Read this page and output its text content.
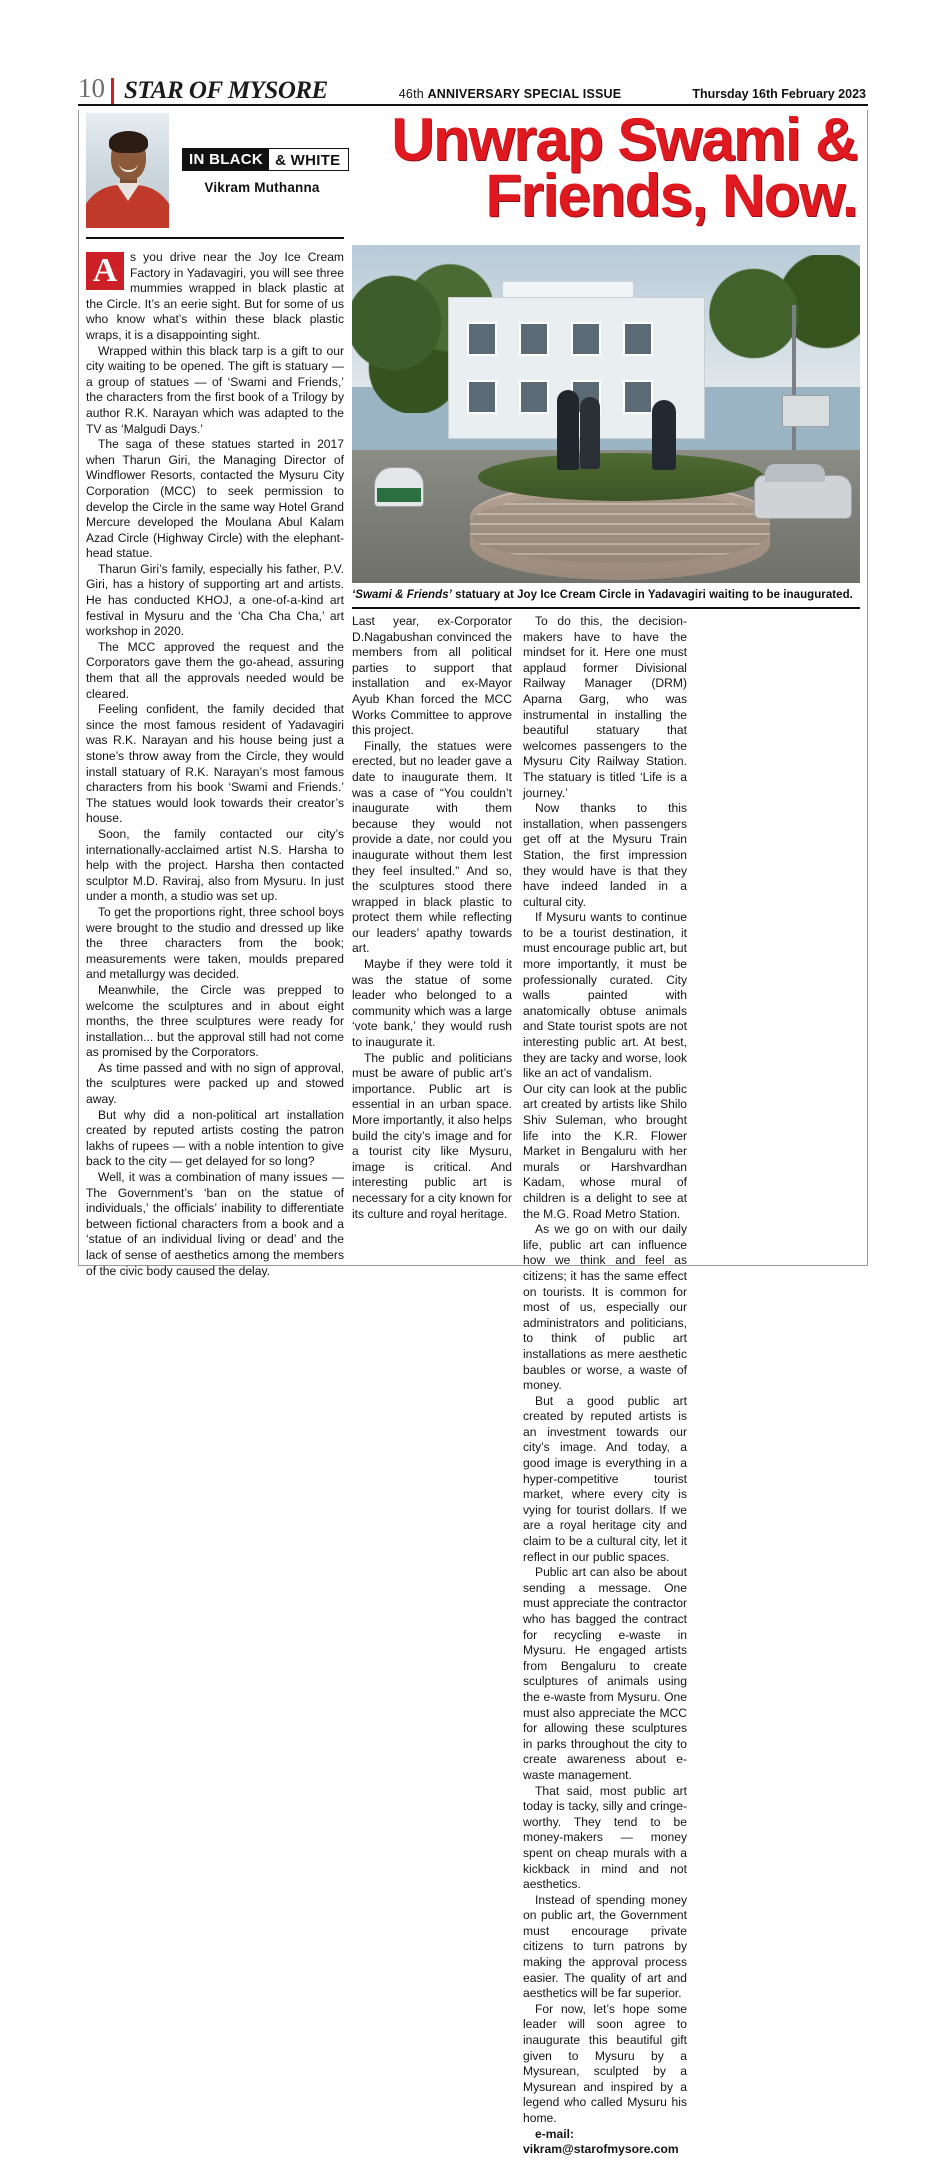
10 STAR OF MYSORE	46th ANNIVERSARY SPECIAL ISSUE	Thursday 16th February 2023
IN BLACK & WHITE
Vikram Muthanna
Unwrap Swami &
Friends, Now.
‘Swami & Friends’ statuary at Joy Ice Cream Circle in Yadavagiri waiting to be inaugurated.

A	s you drive near the Joy Ice Cream Factory in Yadavagiri, you will see three mummies wrapped in black plastic at the Circle. It’s an eerie sight. But for some of us who know what’s within these black plastic wraps, it is a disappointing sight.

Wrapped within this black tarp is a gift to our city waiting to be opened. The gift is statuary — a group of statues — of ‘Swami and Friends,’ the characters from the first book of a Trilogy by author R.K. Narayan which was adapted to the TV as ‘Malgudi Days.’

The saga of these statues started in 2017 when Tharun Giri, the Managing Director of Windflower Resorts, contacted the Mysuru City Corporation (MCC) to seek permission to develop the Circle in the same way Hotel Grand Mercure developed the Moulana Abul Kalam Azad Circle (Highway Circle) with the elephant-head statue.

Tharun Giri’s family, especially his father, P.V. Giri, has a history of supporting art and artists. He has conducted KHOJ, a one-of-a-kind art festival in Mysuru and the ‘Cha Cha Cha,’ art workshop in 2020.

The MCC approved the request and the Corporators gave them the go-ahead, assuring them that all the approvals needed would be cleared.

Feeling confident, the family decided that since the most famous resident of Yadavagiri was R.K. Narayan and his house being just a stone’s throw away from the Circle, they would install statuary of R.K. Narayan’s most famous characters from his book ‘Swami and Friends.’ The statues would look towards their creator’s house.

Soon, the family contacted our city’s internationally-acclaimed artist N.S. Harsha to help with the project. Harsha then contacted sculptor M.D. Raviraj, also from Mysuru. In just under a month, a studio was set up.

To get the proportions right, three school boys were brought to the studio and dressed up like the three characters from the book; measurements were taken, moulds prepared and metallurgy was decided.

Meanwhile, the Circle was prepped to welcome the sculptures and in about eight months, the three sculptures were ready for installation... but the approval still had not come as promised by the Corporators.

As time passed and with no sign of approval, the sculptures were packed up and stowed away.

But why did a non-political art installation created by reputed artists costing the patron lakhs of rupees — with a noble intention to give back to the city — get delayed for so long?

Well, it was a combination of many issues — The Government’s ‘ban on the statue of individuals,’ the officials’ inability to differentiate between fictional characters from a book and a ‘statue of an individual living or dead’ and the lack of sense of aesthetics among the members of the civic body caused the delay.

Last year, ex-Corporator D.Nagabushan convinced the members from all political parties to support that installation and ex-Mayor Ayub Khan forced the MCC Works Committee to approve this project.

Finally, the statues were erected, but no leader gave a date to inaugurate them. It was a case of “You couldn’t inaugurate with them because they would not provide a date, nor could you inaugurate without them lest they feel insulted.” And so, the sculptures stood there wrapped in black plastic to protect them while reflecting our leaders’ apathy towards art.

Maybe if they were told it was the statue of some leader who belonged to a community which was a large ‘vote bank,’ they would rush to inaugurate it.

The public and politicians must be aware of public art’s importance. Public art is essential in an urban space. More importantly, it also helps build the city’s image and for a tourist city like Mysuru, image is critical. And interesting public art is necessary for a city known for its culture and royal heritage.

To do this, the decision-makers have to have the mindset for it. Here one must applaud former Divisional Railway Manager (DRM) Aparna Garg, who was instrumental in installing the beautiful statuary that welcomes passengers to the Mysuru City Railway Station. The statuary is titled ‘Life is a journey.’

Now thanks to this installation, when passengers get off at the Mysuru Train Station, the first impression they would have is that they have indeed landed in a cultural city.

If Mysuru wants to continue to be a tourist destination, it must encourage public art, but more importantly, it must be professionally curated. City walls painted with anatomically obtuse animals and State tourist spots are not interesting public art. At best, they are tacky and worse, look like an act of vandalism.

Our city can look at the public art created by artists like Shilo Shiv Suleman, who brought life into the K.R. Flower Market in Bengaluru with her murals or Harshvardhan Kadam, whose mural of children is a delight to see at the M.G. Road Metro Station.

As we go on with our daily life, public art can influence how we think and feel as citizens; it has the same effect on tourists. It is common for most of us, especially our administrators and politicians, to think of public art installations as mere aesthetic baubles or worse, a waste of money.

But a good public art created by reputed artists is an investment towards our city’s image. And today, a good image is everything in a hyper-competitive tourist market, where every city is vying for tourist dollars. If we are a royal heritage city and claim to be a cultural city, let it reflect in our public spaces.

Public art can also be about sending a message. One must appreciate the contractor who has bagged the contract for recycling e-waste in Mysuru. He engaged artists from Bengaluru to create sculptures of animals using the e-waste from Mysuru. One must also appreciate the MCC for allowing these sculptures in parks throughout the city to create awareness about e-waste management.

That said, most public art today is tacky, silly and cringe-worthy. They tend to be money-makers — money spent on cheap murals with a kickback in mind and not aesthetics.

Instead of spending money on public art, the Government must encourage private citizens to turn patrons by making the approval process easier. The quality of art and aesthetics will be far superior.

For now, let’s hope some leader will soon agree to inaugurate this beautiful gift given to Mysuru by a Mysurean, sculpted by a Mysurean and inspired by a legend who called Mysuru his home.

e-mail: vikram@starofmysore.com
